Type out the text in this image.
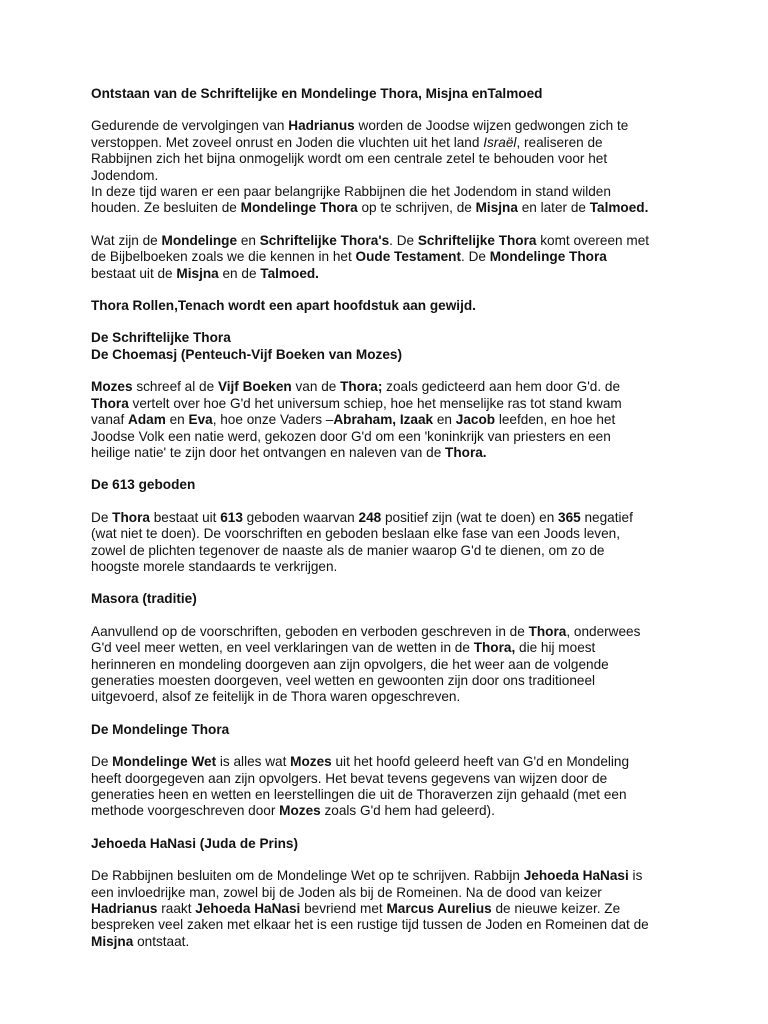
Ontstaan van de Schriftelijke en Mondelinge Thora, Misjna enTalmoed

Gedurende de vervolgingen van Hadrianus worden de Joodse wijzen gedwongen zich te
verstoppen. Met zoveel onrust en Joden die vluchten uit het land Israël, realiseren de
Rabbijnen zich het bijna onmogelijk wordt om een centrale zetel te behouden voor het
Jodendom.
In deze tijd waren er een paar belangrijke Rabbijnen die het Jodendom in stand wilden
houden. Ze besluiten de Mondelinge Thora op te schrijven, de Misjna en later de Talmoed.

Wat zijn de Mondelinge en Schriftelijke Thora's. De Schriftelijke Thora komt overeen met
de Bijbelboeken zoals we die kennen in het Oude Testament. De Mondelinge Thora
bestaat uit de Misjna en de Talmoed.

Thora Rollen,Tenach wordt een apart hoofdstuk aan gewijd.
De Schriftelijke Thora
De Choemasj (Penteuch-Vijf Boeken van Mozes)

Mozes schreef al de Vijf Boeken van de Thora; zoals gedicteerd aan hem door G'd. de
Thora vertelt over hoe G'd het universum schiep, hoe het menselijke ras tot stand kwam
vanaf Adam en Eva, hoe onze Vaders –Abraham, Izaak en Jacob leefden, en hoe het
Joodse Volk een natie werd, gekozen door G'd om een 'koninkrijk van priesters en een
heilige natie' te zijn door het ontvangen en naleven van de Thora.

De 613 geboden

De Thora bestaat uit 613 geboden waarvan 248 positief zijn (wat te doen) en 365 negatief
(wat niet te doen). De voorschriften en geboden beslaan elke fase van een Joods leven,
zowel de plichten tegenover de naaste als de manier waarop G'd te dienen, om zo de
hoogste morele standaards te verkrijgen.

Masora (traditie)

Aanvullend op de voorschriften, geboden en verboden geschreven in de Thora, onderwees
G'd veel meer wetten, en veel verklaringen van de wetten in de Thora, die hij moest
herinneren en mondeling doorgeven aan zijn opvolgers, die het weer aan de volgende
generaties moesten doorgeven, veel wetten en gewoonten zijn door ons traditioneel
uitgevoerd, alsof ze feitelijk in de Thora waren opgeschreven.

De Mondelinge Thora

De Mondelinge Wet is alles wat Mozes uit het hoofd geleerd heeft van G'd en Mondeling
heeft doorgegeven aan zijn opvolgers. Het bevat tevens gegevens van wijzen door de
generaties heen en wetten en leerstellingen die uit de Thoraverzen zijn gehaald (met een
methode voorgeschreven door Mozes zoals G'd hem had geleerd).

Jehoeda HaNasi (Juda de Prins)

De Rabbijnen besluiten om de Mondelinge Wet op te schrijven. Rabbijn Jehoeda HaNasi is
een invloedrijke man, zowel bij de Joden als bij de Romeinen. Na de dood van keizer
Hadrianus raakt Jehoeda HaNasi bevriend met Marcus Aurelius de nieuwe keizer. Ze
bespreken veel zaken met elkaar het is een rustige tijd tussen de Joden en Romeinen dat de
Misjna ontstaat.
